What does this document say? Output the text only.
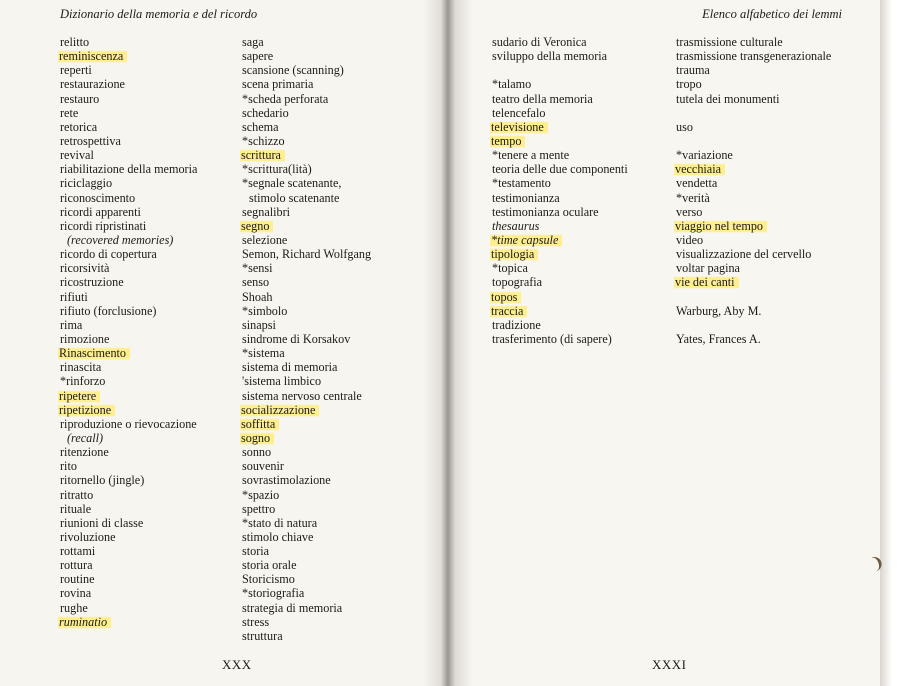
Dizionario della memoria e del ricordo	Elenco alfabetico dei lemmi
relitto
reminiscenza
reperti
restaurazione
restauro
rete
retorica
retrospettiva
revival
riabilitazione della memoria
riciclaggio
riconoscimento
ricordi apparenti
ricordi ripristinati
(recovered memories)
ricordo di copertura
ricorsività
ricostruzione
rifiuti
rifiuto (forclusione)
rima
rimozione
Rinascimento
rinascita
*rinforzo
ripetere
ripetizione
riproduzione o rievocazione
(recall)
ritenzione
rito
ritornello (jingle)
ritratto
rituale
riunioni di classe
rivoluzione
rottami
rottura
routine
rovina
rughe
ruminatio
saga
sapere
scansione (scanning)
scena primaria
*scheda perforata
schedario
schema
*schizzo
scrittura
*scrittura(lità)
*segnale scatenante,
stimolo scatenante
segnalibri
segno
selezione
Semon, Richard Wolfgang
*sensi
senso
Shoah
*simbolo
sinapsi
sindrome di Korsakov
*sistema
sistema di memoria
'sistema limbico
sistema nervoso centrale
socializzazione
soffitta
sogno
sonno
souvenir
sovrastimolazione
*spazio
spettro
*stato di natura
stimolo chiave
storia
storia orale
Storicismo
*storiografia
strategia di memoria
stress
struttura
sudario di Veronica
sviluppo della memoria
*talamo
teatro della memoria
telencefalo
televisione
tempo
*tenere a mente
teoria delle due componenti
*testamento
testimonianza
testimonianza oculare
thesaurus
*time capsule
tipologia
*topica
topografia
topos
traccia
tradizione
trasferimento (di sapere)
trasmissione culturale
trasmissione transgenerazionale
trauma
tropo
tutela dei monumenti
uso
*variazione
vecchiaia
vendetta
*verità
verso
viaggio nel tempo
video
visualizzazione del cervello
voltar pagina
vie dei canti
Warburg, Aby M.
Yates, Frances A.
XXX	XXXI
❩
